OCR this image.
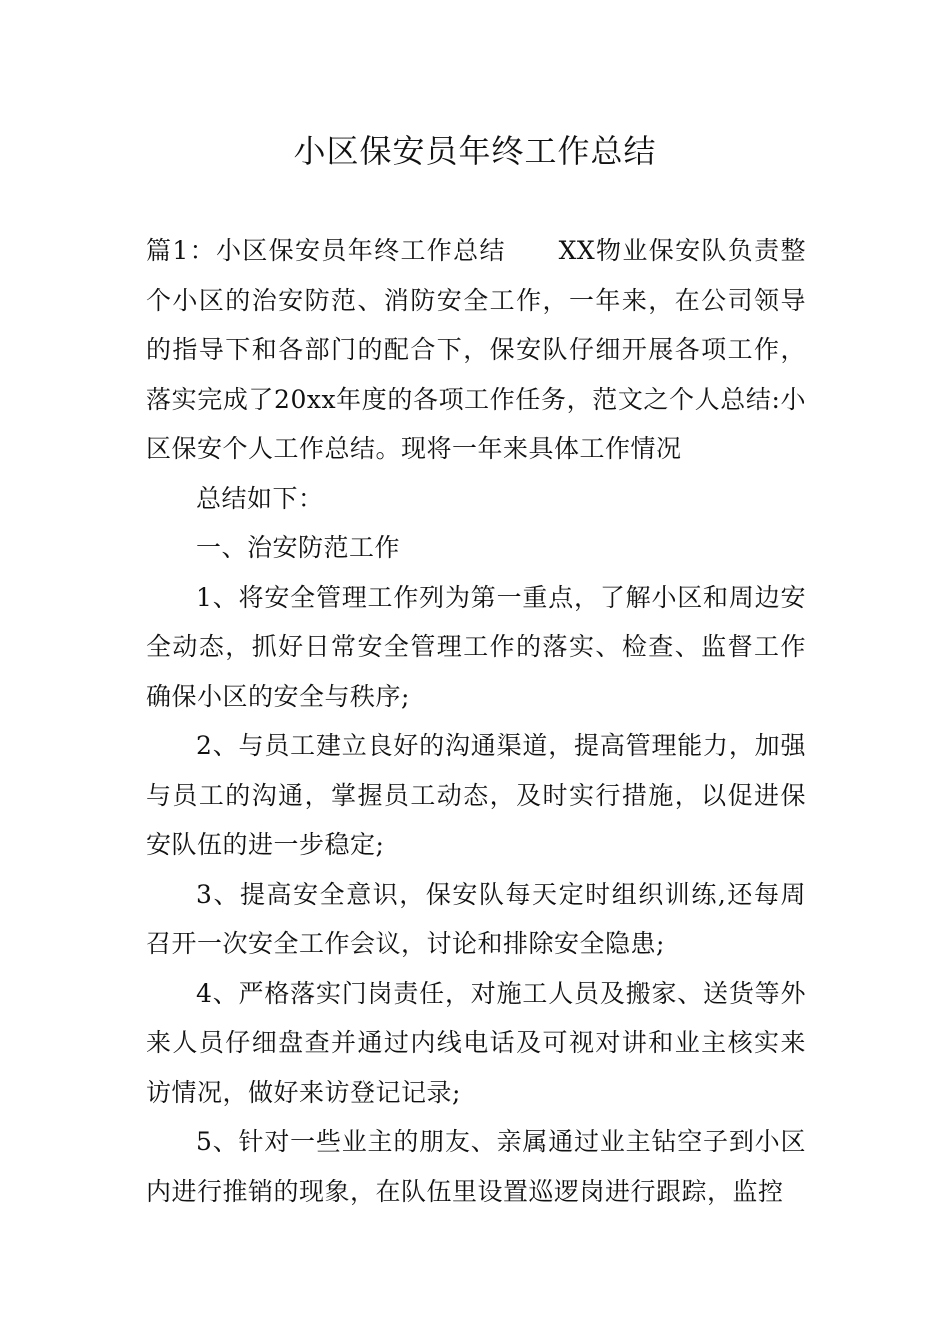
小区保安员年终工作总结

篇1：小区保安员年终工作总结　　XX物业保安队负责整个小区的治安防范、消防安全工作，一年来，在公司领导的指导下和各部门的配合下，保安队仔细开展各项工作，落实完成了20xx年度的各项工作任务，范文之个人总结:小区保安个人工作总结。现将一年来具体工作情况

总结如下：

一、治安防范工作

1、将安全管理工作列为第一重点，了解小区和周边安全动态，抓好日常安全管理工作的落实、检查、监督工作确保小区的安全与秩序;

2、与员工建立良好的沟通渠道，提高管理能力，加强与员工的沟通，掌握员工动态，及时实行措施，以促进保安队伍的进一步稳定;

3、提高安全意识，保安队每天定时组织训练,还每周召开一次安全工作会议，讨论和排除安全隐患;

4、严格落实门岗责任，对施工人员及搬家、送货等外来人员仔细盘查并通过内线电话及可视对讲和业主核实来访情况，做好来访登记记录;

5、针对一些业主的朋友、亲属通过业主钻空子到小区内进行推销的现象，在队伍里设置巡逻岗进行跟踪，监控
